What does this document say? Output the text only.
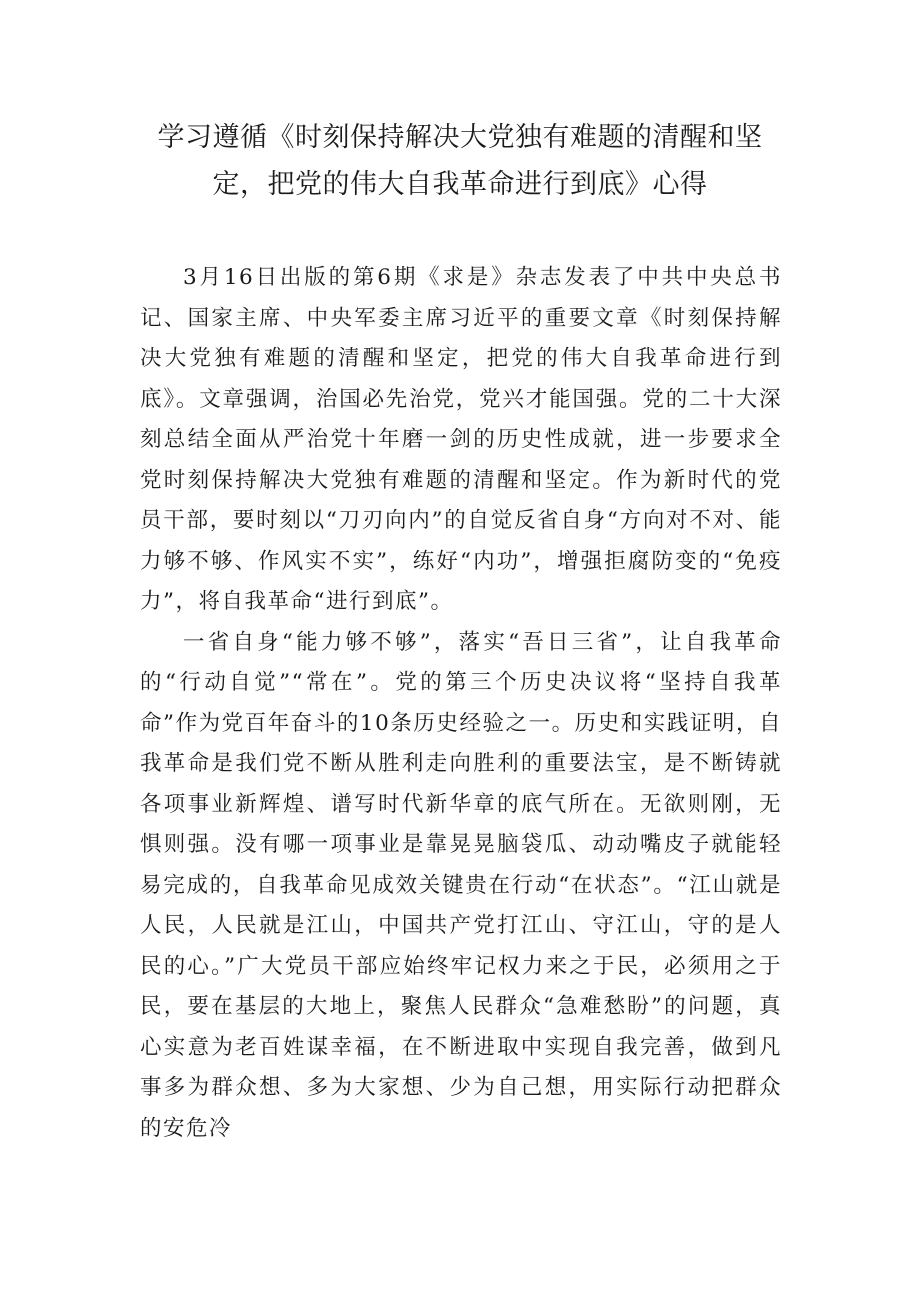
学习遵循《时刻保持解决大党独有难题的清醒和坚定，把党的伟大自我革命进行到底》心得

3月16日出版的第6期《求是》杂志发表了中共中央总书记、国家主席、中央军委主席习近平的重要文章《时刻保持解决大党独有难题的清醒和坚定，把党的伟大自我革命进行到底》。文章强调，治国必先治党，党兴才能国强。党的二十大深刻总结全面从严治党十年磨一剑的历史性成就，进一步要求全党时刻保持解决大党独有难题的清醒和坚定。作为新时代的党员干部，要时刻以“刀刃向内”的自觉反省自身“方向对不对、能力够不够、作风实不实”，练好“内功”，增强拒腐防变的“免疫力”，将自我革命“进行到底”。

一省自身“能力够不够”，落实“吾日三省”，让自我革命的“行动自觉”“常在”。党的第三个历史决议将“坚持自我革命”作为党百年奋斗的10条历史经验之一。历史和实践证明，自我革命是我们党不断从胜利走向胜利的重要法宝，是不断铸就各项事业新辉煌、谱写时代新华章的底气所在。无欲则刚，无惧则强。没有哪一项事业是靠晃晃脑袋瓜、动动嘴皮子就能轻易完成的，自我革命见成效关键贵在行动“在状态”。“江山就是人民，人民就是江山，中国共产党打江山、守江山，守的是人民的心。”广大党员干部应始终牢记权力来之于民，必须用之于民，要在基层的大地上，聚焦人民群众“急难愁盼”的问题，真心实意为老百姓谋幸福，在不断进取中实现自我完善，做到凡事多为群众想、多为大家想、少为自己想，用实际行动把群众的安危冷
